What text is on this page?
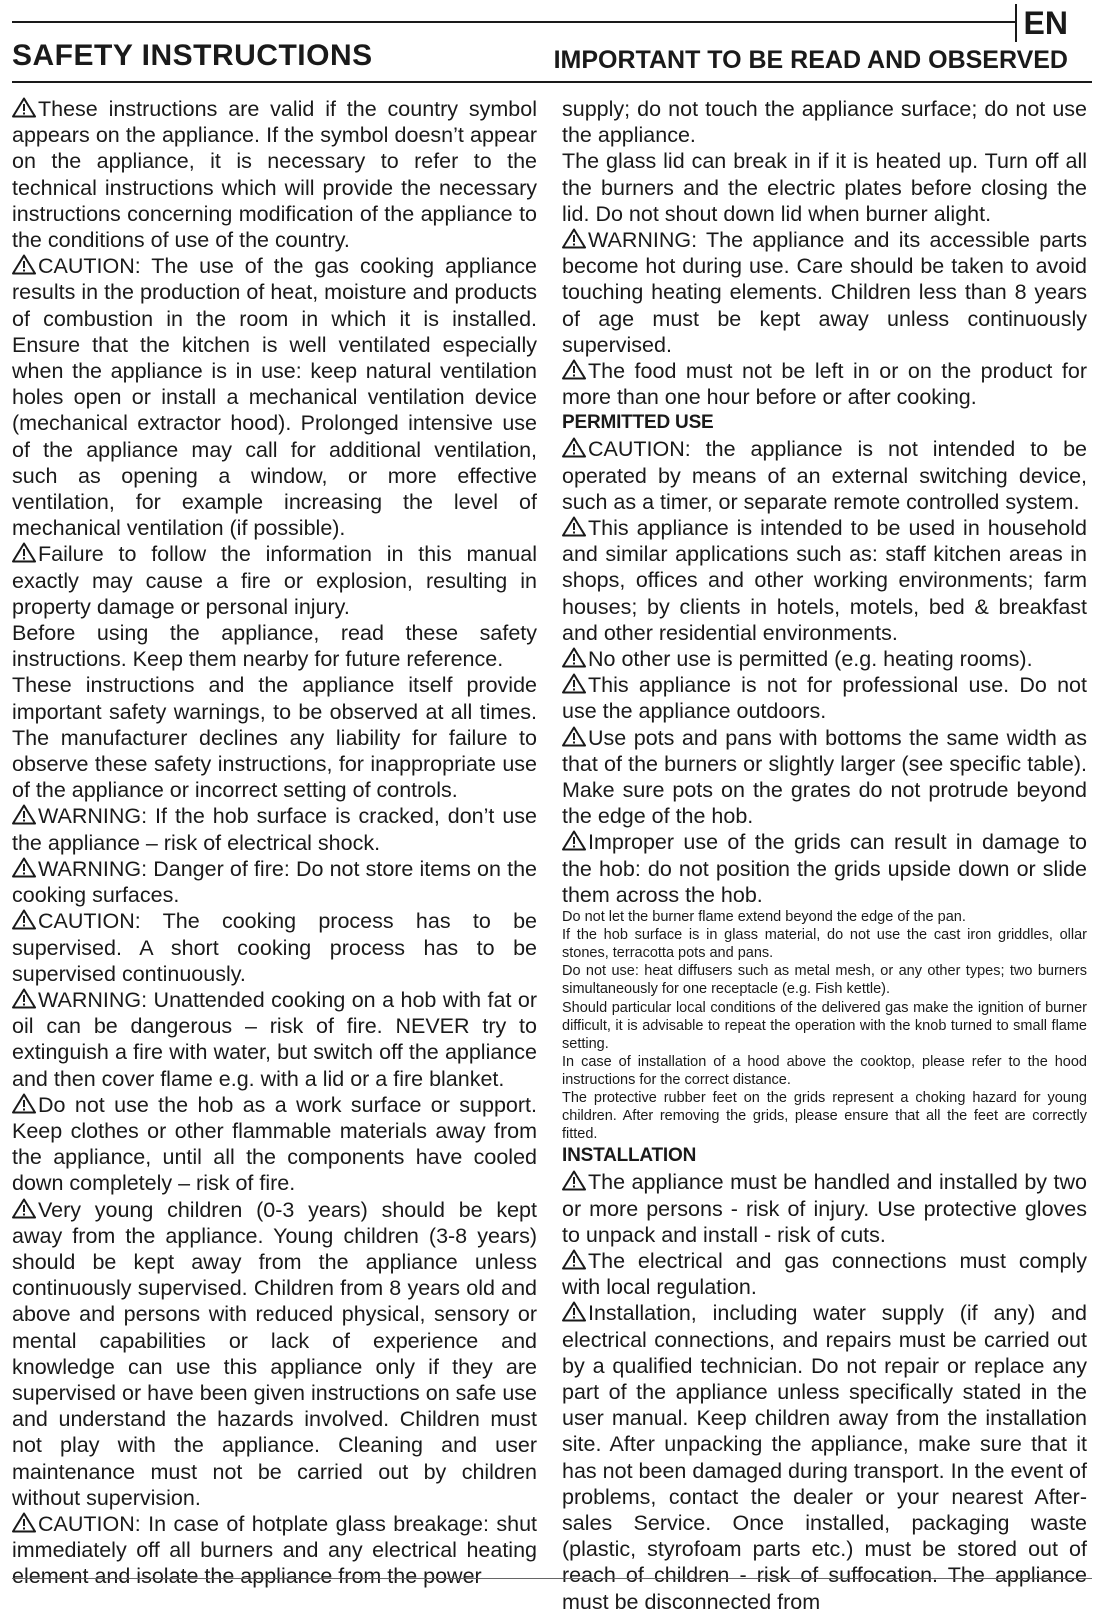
EN
SAFETY INSTRUCTIONS	IMPORTANT TO BE READ AND OBSERVED

These instructions are valid if the country symbol appears on the appliance. If the symbol doesn’t appear on the appliance, it is necessary to refer to the technical instructions which will provide the necessary instructions concerning modification of the appliance to the conditions of use of the country.

CAUTION: The use of the gas cooking appliance results in the production of heat, moisture and products of combustion in the room in which it is installed. Ensure that the kitchen is well ventilated especially when the appliance is in use: keep natural ventilation holes open or install a mechanical ventilation device (mechanical extractor hood). Prolonged intensive use of the appliance may call for additional ventilation, such as opening a window, or more effective ventilation, for example increasing the level of mechanical ventilation (if possible).

Failure to follow the information in this manual exactly may cause a fire or explosion, resulting in property damage or personal injury.

Before using the appliance, read these safety instructions. Keep them nearby for future reference.

These instructions and the appliance itself provide important safety warnings, to be observed at all times. The manufacturer declines any liability for failure to observe these safety instructions, for inappropriate use of the appliance or incorrect setting of controls.

WARNING: If the hob surface is cracked, don’t use the appliance – risk of electrical shock.

WARNING: Danger of fire: Do not store items on the cooking surfaces.

CAUTION: The cooking process has to be supervised. A short cooking process has to be supervised continuously.

WARNING: Unattended cooking on a hob with fat or oil can be dangerous – risk of fire. NEVER try to extinguish a fire with water, but switch off the appliance and then cover flame e.g. with a lid or a fire blanket.

Do not use the hob as a work surface or support. Keep clothes or other flammable materials away from the appliance, until all the components have cooled down completely – risk of fire.

Very young children (0-3 years) should be kept away from the appliance. Young children (3-8 years) should be kept away from the appliance unless continuously supervised. Children from 8 years old and above and persons with reduced physical, sensory or mental capabilities or lack of experience and knowledge can use this appliance only if they are supervised or have been given instructions on safe use and understand the hazards involved. Children must not play with the appliance. Cleaning and user maintenance must not be carried out by children without supervision.

CAUTION: In case of hotplate glass breakage: shut immediately off all burners and any electrical heating element and isolate the appliance from the power

supply; do not touch the appliance surface; do not use the appliance.

The glass lid can break in if it is heated up. Turn off all the burners and the electric plates before closing the lid. Do not shout down lid when burner alight.

WARNING: The appliance and its accessible parts become hot during use. Care should be taken to avoid touching heating elements. Children less than 8 years of age must be kept away unless continuously supervised.

The food must not be left in or on the product for more than one hour before or after cooking.

PERMITTED USE

CAUTION: the appliance is not intended to be operated by means of an external switching device, such as a timer, or separate remote controlled system.

This appliance is intended to be used in household and similar applications such as: staff kitchen areas in shops, offices and other working environments; farm houses; by clients in hotels, motels, bed & breakfast and other residential environments.

No other use is permitted (e.g. heating rooms).

This appliance is not for professional use. Do not use the appliance outdoors.

Use pots and pans with bottoms the same width as that of the burners or slightly larger (see specific table). Make sure pots on the grates do not protrude beyond the edge of the hob.

Improper use of the grids can result in damage to the hob: do not position the grids upside down or slide them across the hob.

Do not let the burner flame extend beyond the edge of the pan.

If the hob surface is in glass material, do not use the cast iron griddles, ollar stones, terracotta pots and pans.

Do not use: heat diffusers such as metal mesh, or any other types; two burners simultaneously for one receptacle (e.g. Fish kettle).

Should particular local conditions of the delivered gas make the ignition of burner difficult, it is advisable to repeat the operation with the knob turned to small flame setting.

In case of installation of a hood above the cooktop, please refer to the hood instructions for the correct distance.

The protective rubber feet on the grids represent a choking hazard for young children. After removing the grids, please ensure that all the feet are correctly fitted.

INSTALLATION

The appliance must be handled and installed by two or more persons - risk of injury. Use protective gloves to unpack and install - risk of cuts.

The electrical and gas connections must comply with local regulation.

Installation, including water supply (if any) and electrical connections, and repairs must be carried out by a qualified technician. Do not repair or replace any part of the appliance unless specifically stated in the user manual. Keep children away from the installation site. After unpacking the appliance, make sure that it has not been damaged during transport. In the event of problems, contact the dealer or your nearest After-sales Service. Once installed, packaging waste (plastic, styrofoam parts etc.) must be stored out of reach of children - risk of suffocation. The appliance must be disconnected from
